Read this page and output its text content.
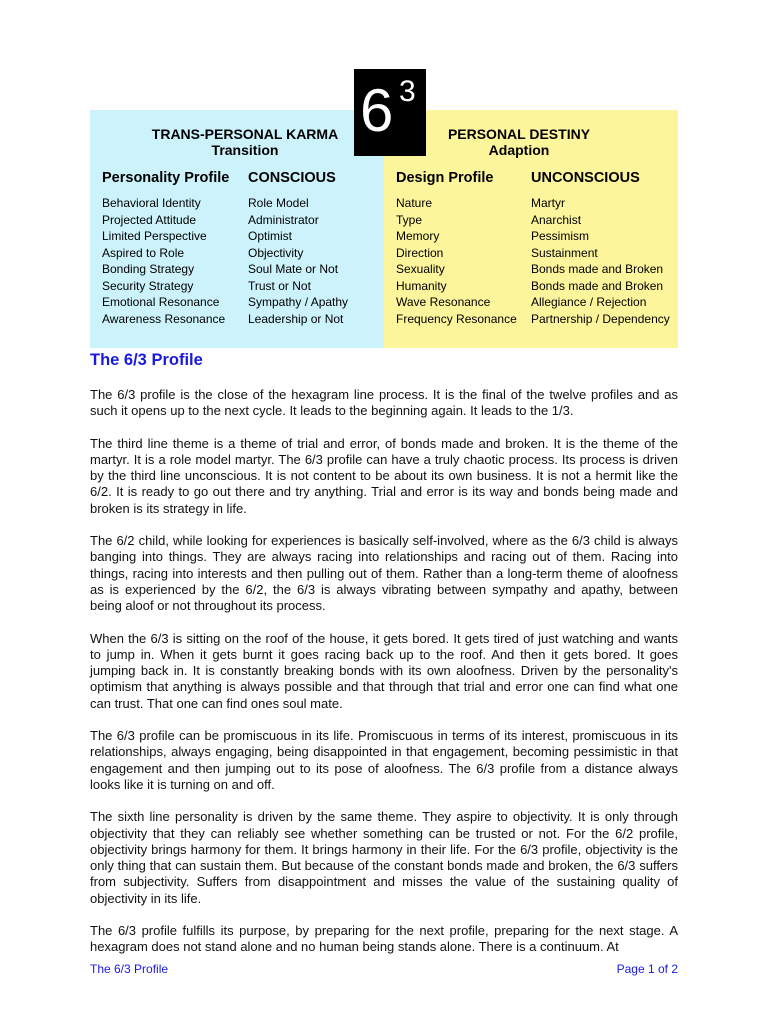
TRANS-PERSONAL KARMA
Transition
Personality Profile CONSCIOUS
Behavioral Identity
Projected Attitude
Limited Perspective
Aspired to Role
Bonding Strategy
Security Strategy
Emotional Resonance
Awareness Resonance
Role Model
Administrator
Optimist
Objectivity
Soul Mate or Not
Trust or Not
Sympathy / Apathy
Leadership or Not
PERSONAL DESTINY
Adaption
Design Profile	UNCONSCIOUS
Nature
Type
Memory
Direction
Sexuality
Humanity
Wave Resonance
Frequency Resonance
Martyr
Anarchist
Pessimism
Sustainment
Bonds made and Broken
Bonds made and Broken
Allegiance / Rejection
Partnership / Dependency
6 3
The 6/3 Profile

The 6/3 profile is the close of the hexagram line process. It is the final of the twelve profiles and as such it opens up to the next cycle. It leads to the beginning again. It leads to the 1/3.

The third line theme is a theme of trial and error, of bonds made and broken. It is the theme of the martyr. It is a role model martyr. The 6/3 profile can have a truly chaotic process. Its process is driven by the third line unconscious. It is not content to be about its own business. It is not a hermit like the 6/2. It is ready to go out there and try anything. Trial and error is its way and bonds being made and broken is its strategy in life.

The 6/2 child, while looking for experiences is basically self-involved, where as the 6/3 child is always banging into things. They are always racing into relationships and racing out of them. Racing into things, racing into interests and then pulling out of them. Rather than a long-term theme of aloofness as is experienced by the 6/2, the 6/3 is always vibrating between sympathy and apathy, between being aloof or not throughout its process.

When the 6/3 is sitting on the roof of the house, it gets bored. It gets tired of just watching and wants to jump in. When it gets burnt it goes racing back up to the roof. And then it gets bored. It goes jumping back in. It is constantly breaking bonds with its own aloofness. Driven by the personality's optimism that anything is always possible and that through that trial and error one can find what one can trust. That one can find ones soul mate.

The 6/3 profile can be promiscuous in its life. Promiscuous in terms of its interest, promiscuous in its relationships, always engaging, being disappointed in that engagement, becoming pessimistic in that engagement and then jumping out to its pose of aloofness. The 6/3 profile from a distance always looks like it is turning on and off.

The sixth line personality is driven by the same theme. They aspire to objectivity. It is only through objectivity that they can reliably see whether something can be trusted or not. For the 6/2 profile, objectivity brings harmony for them. It brings harmony in their life. For the 6/3 profile, objectivity is the only thing that can sustain them. But because of the constant bonds made and broken, the 6/3 suffers from subjectivity. Suffers from disappointment and misses the value of the sustaining quality of objectivity in its life.

The 6/3 profile fulfills its purpose, by preparing for the next profile, preparing for the next stage. A hexagram does not stand alone and no human being stands alone. There is a continuum. At

The 6/3 Profile	Page 1 of 2
